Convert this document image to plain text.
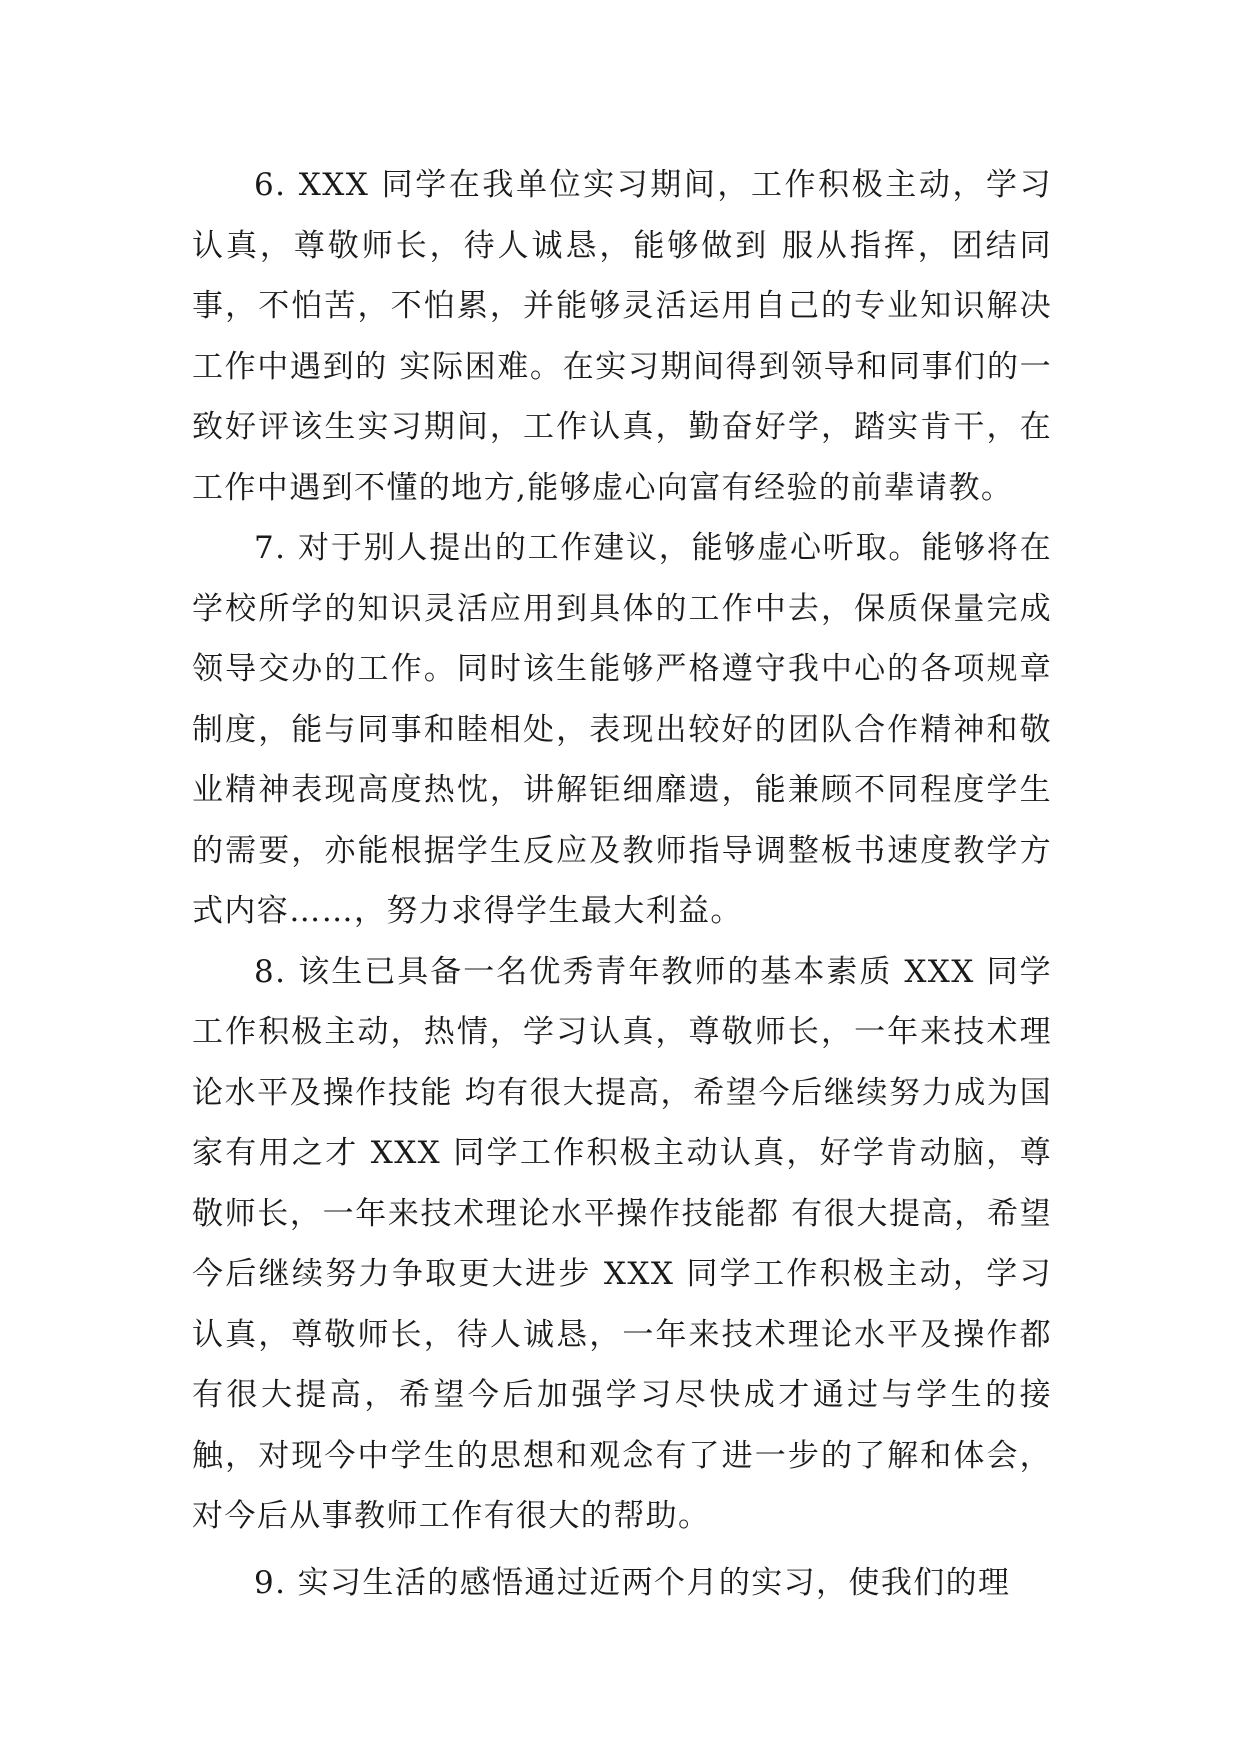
6. XXX 同学在我单位实习期间，工作积极主动，学习认真，尊敬师长，待人诚恳，能够做到 服从指挥，团结同事，不怕苦，不怕累，并能够灵活运用自己的专业知识解决工作中遇到的 实际困难。在实习期间得到领导和同事们的一致好评该生实习期间，工作认真，勤奋好学，踏实肯干，在工作中遇到不懂的地方,能够虚心向富有经验的前辈请教。

7. 对于别人提出的工作建议，能够虚心听取。能够将在学校所学的知识灵活应用到具体的工作中去，保质保量完成领导交办的工作。同时该生能够严格遵守我中心的各项规章制度，能与同事和睦相处，表现出较好的团队合作精神和敬业精神表现高度热忱，讲解钜细靡遗，能兼顾不同程度学生的需要，亦能根据学生反应及教师指导调整板书速度教学方式内容……，努力求得学生最大利益。

8. 该生已具备一名优秀青年教师的基本素质 XXX 同学工作积极主动，热情，学习认真，尊敬师长，一年来技术理论水平及操作技能 均有很大提高，希望今后继续努力成为国家有用之才 XXX 同学工作积极主动认真，好学肯动脑，尊敬师长，一年来技术理论水平操作技能都 有很大提高，希望今后继续努力争取更大进步 XXX 同学工作积极主动，学习认真，尊敬师长，待人诚恳，一年来技术理论水平及操作都有很大提高，希望今后加强学习尽快成才通过与学生的接触，对现今中学生的思想和观念有了进一步的了解和体会，对今后从事教师工作有很大的帮助。

9. 实习生活的感悟通过近两个月的实习，使我们的理
